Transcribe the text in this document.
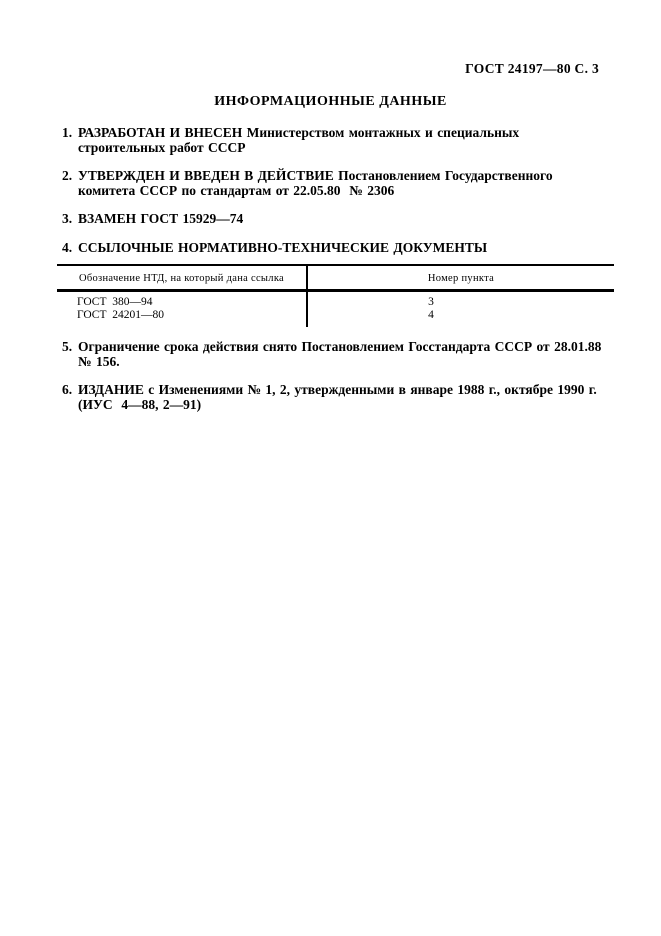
ГОСТ 24197—80 С. 3
ИНФОРМАЦИОННЫЕ ДАННЫЕ
1. РАЗРАБОТАН И ВНЕСЕН Министерством монтажных и специальных строительных работ СССР
2. УТВЕРЖДЕН И ВВЕДЕН В ДЕЙСТВИЕ Постановлением Государственного комитета СССР по стандартам от 22.05.80  № 2306
3. ВЗАМЕН ГОСТ 15929—74
4. ССЫЛОЧНЫЕ НОРМАТИВНО-ТЕХНИЧЕСКИЕ ДОКУМЕНТЫ
Обозначение НТД, на который дана ссылка	Номер пункта
ГОСТ  380—94
ГОСТ  24201—80
3
4
5. Ограничение срока действия снято Постановлением Госстандарта СССР от 28.01.88 № 156.
6. ИЗДАНИЕ с Изменениями № 1, 2, утвержденными в январе 1988 г., октябре 1990 г. (ИУС  4—88, 2—91)
